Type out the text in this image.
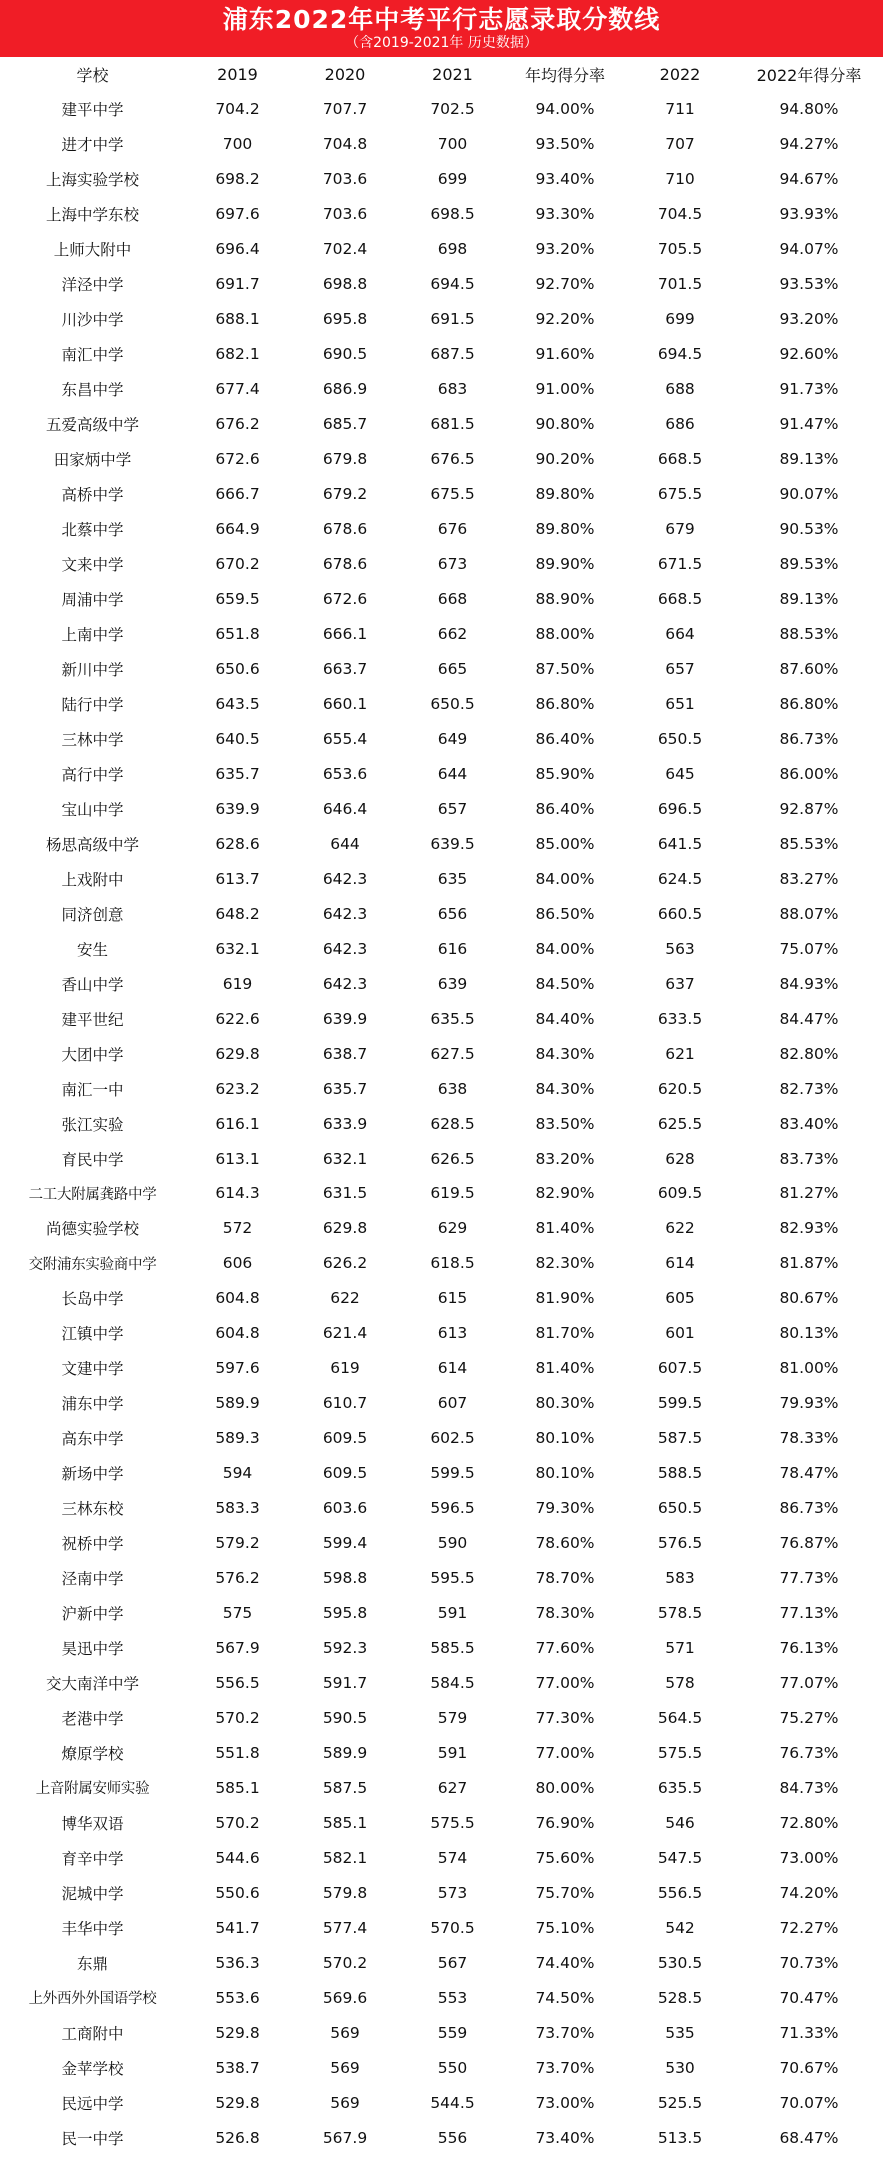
浦东2022年中考平行志愿录取分数线
（含2019-2021年 历史数据）
学校	2019	2020	2021	年均得分率	2022	2022年得分率
建平中学	704.2	707.7	702.5	94.00%	711	94.80%
进才中学	700	704.8	700	93.50%	707	94.27%
上海实验学校	698.2	703.6	699	93.40%	710	94.67%
上海中学东校	697.6	703.6	698.5	93.30%	704.5	93.93%
上师大附中	696.4	702.4	698	93.20%	705.5	94.07%
洋泾中学	691.7	698.8	694.5	92.70%	701.5	93.53%
川沙中学	688.1	695.8	691.5	92.20%	699	93.20%
南汇中学	682.1	690.5	687.5	91.60%	694.5	92.60%
东昌中学	677.4	686.9	683	91.00%	688	91.73%
五爱高级中学	676.2	685.7	681.5	90.80%	686	91.47%
田家炳中学	672.6	679.8	676.5	90.20%	668.5	89.13%
高桥中学	666.7	679.2	675.5	89.80%	675.5	90.07%
北蔡中学	664.9	678.6	676	89.80%	679	90.53%
文来中学	670.2	678.6	673	89.90%	671.5	89.53%
周浦中学	659.5	672.6	668	88.90%	668.5	89.13%
上南中学	651.8	666.1	662	88.00%	664	88.53%
新川中学	650.6	663.7	665	87.50%	657	87.60%
陆行中学	643.5	660.1	650.5	86.80%	651	86.80%
三林中学	640.5	655.4	649	86.40%	650.5	86.73%
高行中学	635.7	653.6	644	85.90%	645	86.00%
宝山中学	639.9	646.4	657	86.40%	696.5	92.87%
杨思高级中学	628.6	644	639.5	85.00%	641.5	85.53%
上戏附中	613.7	642.3	635	84.00%	624.5	83.27%
同济创意	648.2	642.3	656	86.50%	660.5	88.07%
安生	632.1	642.3	616	84.00%	563	75.07%
香山中学	619	642.3	639	84.50%	637	84.93%
建平世纪	622.6	639.9	635.5	84.40%	633.5	84.47%
大团中学	629.8	638.7	627.5	84.30%	621	82.80%
南汇一中	623.2	635.7	638	84.30%	620.5	82.73%
张江实验	616.1	633.9	628.5	83.50%	625.5	83.40%
育民中学	613.1	632.1	626.5	83.20%	628	83.73%
二工大附属龚路中学	614.3	631.5	619.5	82.90%	609.5	81.27%
尚德实验学校	572	629.8	629	81.40%	622	82.93%
交附浦东实验商中学	606	626.2	618.5	82.30%	614	81.87%
长岛中学	604.8	622	615	81.90%	605	80.67%
江镇中学	604.8	621.4	613	81.70%	601	80.13%
文建中学	597.6	619	614	81.40%	607.5	81.00%
浦东中学	589.9	610.7	607	80.30%	599.5	79.93%
高东中学	589.3	609.5	602.5	80.10%	587.5	78.33%
新场中学	594	609.5	599.5	80.10%	588.5	78.47%
三林东校	583.3	603.6	596.5	79.30%	650.5	86.73%
祝桥中学	579.2	599.4	590	78.60%	576.5	76.87%
泾南中学	576.2	598.8	595.5	78.70%	583	77.73%
沪新中学	575	595.8	591	78.30%	578.5	77.13%
昊迅中学	567.9	592.3	585.5	77.60%	571	76.13%
交大南洋中学	556.5	591.7	584.5	77.00%	578	77.07%
老港中学	570.2	590.5	579	77.30%	564.5	75.27%
燎原学校	551.8	589.9	591	77.00%	575.5	76.73%
上音附属安师实验	585.1	587.5	627	80.00%	635.5	84.73%
博华双语	570.2	585.1	575.5	76.90%	546	72.80%
育辛中学	544.6	582.1	574	75.60%	547.5	73.00%
泥城中学	550.6	579.8	573	75.70%	556.5	74.20%
丰华中学	541.7	577.4	570.5	75.10%	542	72.27%
东鼎	536.3	570.2	567	74.40%	530.5	70.73%
上外西外外国语学校	553.6	569.6	553	74.50%	528.5	70.47%
工商附中	529.8	569	559	73.70%	535	71.33%
金苹学校	538.7	569	550	73.70%	530	70.67%
民远中学	529.8	569	544.5	73.00%	525.5	70.07%
民一中学	526.8	567.9	556	73.40%	513.5	68.47%
